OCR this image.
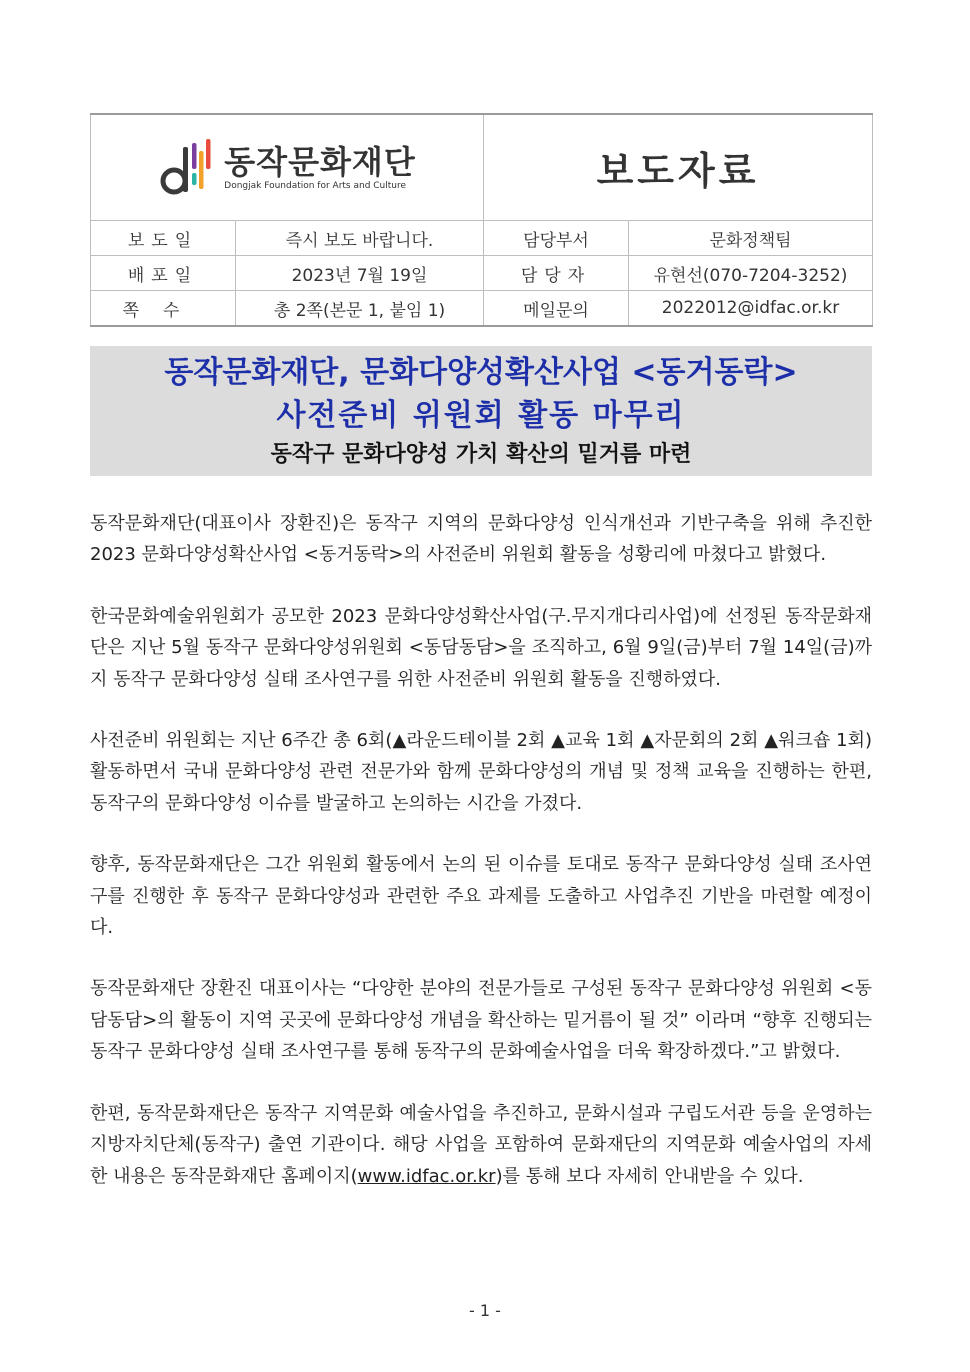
동작문화재단
Dongjak Foundation for Arts and Culture		보도자료	
보도일	즉시 보도 바랍니다.	담당부서	문화정책팀
배포일	2023년 7월 19일	담당자	유현선(070-7204-3252)
쪽수	총 2쪽(본문 1, 붙임 1)	메일문의	2022012@idfac.or.kr
동작문화재단, 문화다양성확산사업 <동거동락>
사전준비 위원회 활동 마무리
동작구 문화다양성 가치 확산의 밑거름 마련

동작문화재단(대표이사 장환진)은 동작구 지역의 문화다양성 인식개선과 기반구축을 위해 추진한 2023 문화다양성확산사업 <동거동락>의 사전준비 위원회 활동을 성황리에 마쳤다고 밝혔다.

한국문화예술위원회가 공모한 2023 문화다양성확산사업(구.무지개다리사업)에 선정된 동작문화재단은 지난 5월 동작구 문화다양성위원회 <동담동담>을 조직하고, 6월 9일(금)부터 7월 14일(금)까지 동작구 문화다양성 실태 조사연구를 위한 사전준비 위원회 활동을 진행하였다.

사전준비 위원회는 지난 6주간 총 6회(▲라운드테이블 2회 ▲교육 1회 ▲자문회의 2회 ▲워크숍 1회) 활동하면서 국내 문화다양성 관련 전문가와 함께 문화다양성의 개념 및 정책 교육을 진행하는 한편, 동작구의 문화다양성 이슈를 발굴하고 논의하는 시간을 가졌다.

향후, 동작문화재단은 그간 위원회 활동에서 논의 된 이슈를 토대로 동작구 문화다양성 실태 조사연구를 진행한 후 동작구 문화다양성과 관련한 주요 과제를 도출하고 사업추진 기반을 마련할 예정이다.

동작문화재단 장환진 대표이사는 “다양한 분야의 전문가들로 구성된 동작구 문화다양성 위원회 <동담동담>의 활동이 지역 곳곳에 문화다양성 개념을 확산하는 밑거름이 될 것” 이라며 “향후 진행되는 동작구 문화다양성 실태 조사연구를 통해 동작구의 문화예술사업을 더욱 확장하겠다.”고 밝혔다.

한편, 동작문화재단은 동작구 지역문화 예술사업을 추진하고, 문화시설과 구립도서관 등을 운영하는 지방자치단체(동작구) 출연 기관이다. 해당 사업을 포함하여 문화재단의 지역문화 예술사업의 자세한 내용은 동작문화재단 홈페이지(www.idfac.or.kr)를 통해 보다 자세히 안내받을 수 있다.

- 1 -
